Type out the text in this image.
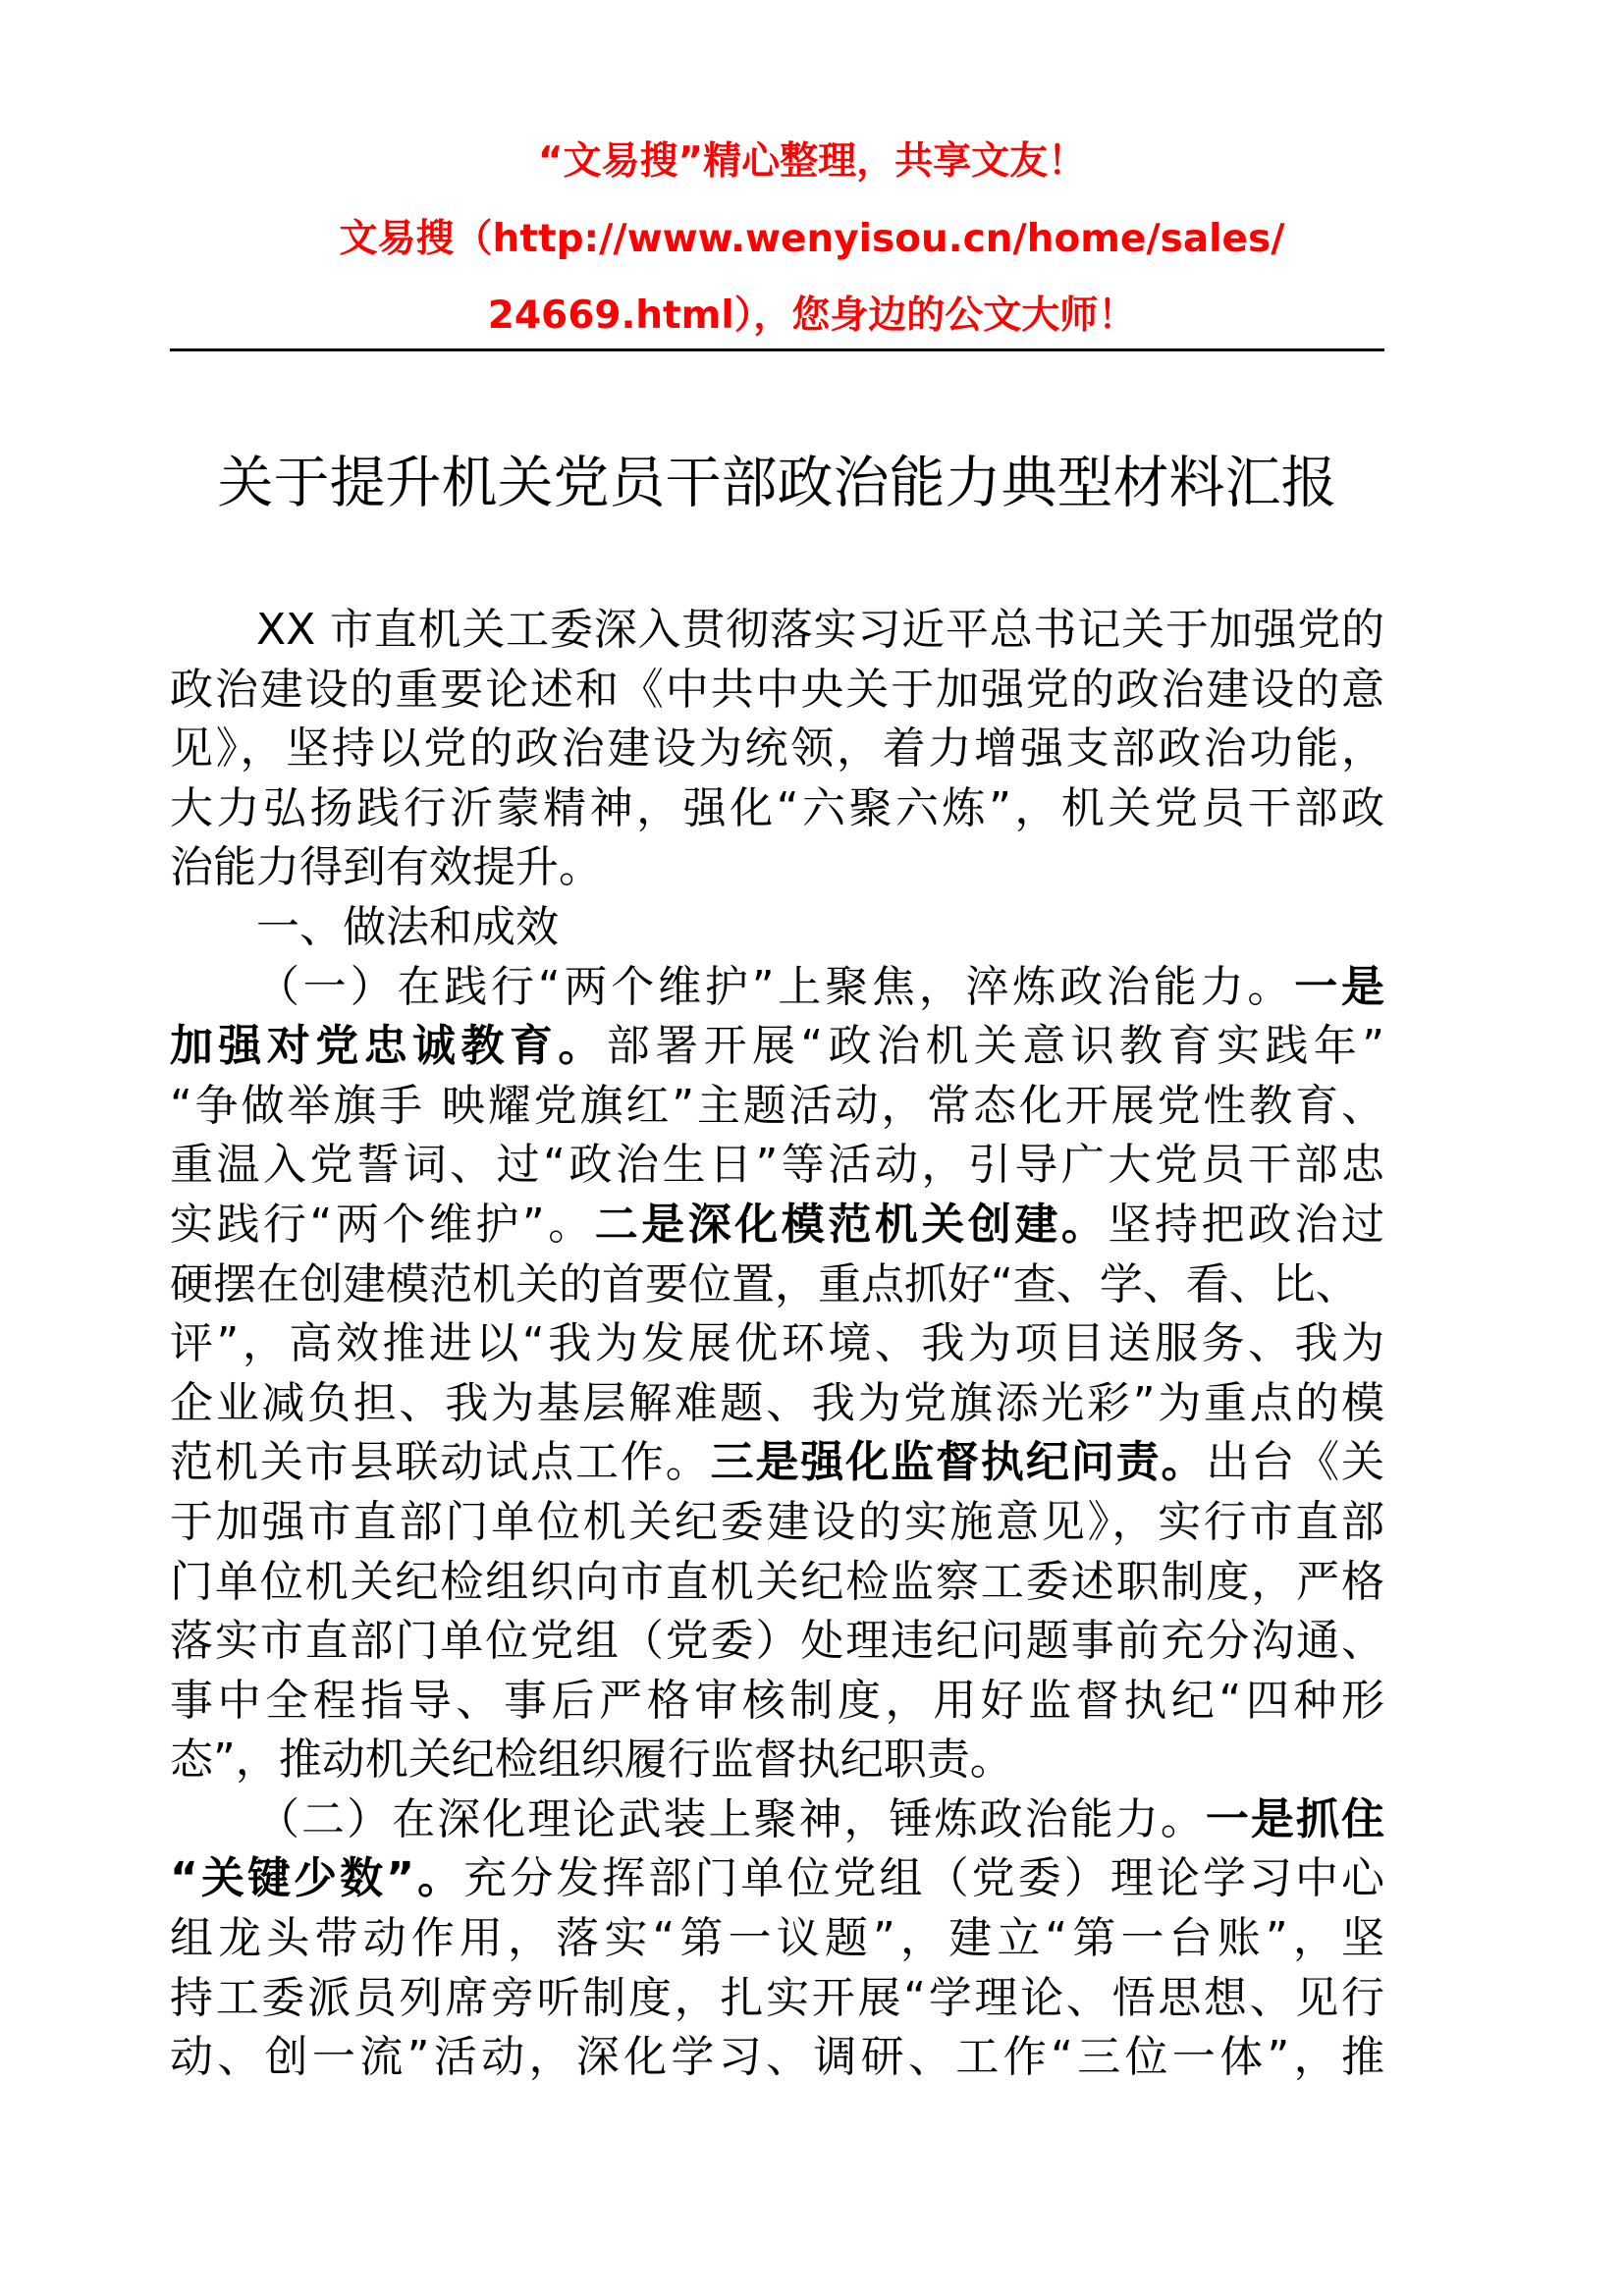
“文易搜”精心整理，共享文友！
文易搜（http://www.wenyisou.cn/home/sales/
24669.html），您身边的公文大师！
关于提升机关党员干部政治能力典型材料汇报
XX 市直机关工委深入贯彻落实习近平总书记关于加强党的
政治建设的重要论述和《中共中央关于加强党的政治建设的意
见》，坚持以党的政治建设为统领，着力增强支部政治功能，
大力弘扬践行沂蒙精神，强化“六聚六炼”，机关党员干部政
治能力得到有效提升。
一、做法和成效
（一）在践行“两个维护”上聚焦，淬炼政治能力。一是
加强对党忠诚教育。部署开展“政治机关意识教育实践年”
“争做举旗手 映耀党旗红”主题活动，常态化开展党性教育、
重温入党誓词、过“政治生日”等活动，引导广大党员干部忠
实践行“两个维护”。二是深化模范机关创建。坚持把政治过
硬摆在创建模范机关的首要位置，重点抓好“查、学、看、比、
评”，高效推进以“我为发展优环境、我为项目送服务、我为
企业减负担、我为基层解难题、我为党旗添光彩”为重点的模
范机关市县联动试点工作。三是强化监督执纪问责。出台《关
于加强市直部门单位机关纪委建设的实施意见》，实行市直部
门单位机关纪检组织向市直机关纪检监察工委述职制度，严格
落实市直部门单位党组（党委）处理违纪问题事前充分沟通、
事中全程指导、事后严格审核制度，用好监督执纪“四种形
态”，推动机关纪检组织履行监督执纪职责。
（二）在深化理论武装上聚神，锤炼政治能力。一是抓住
“关键少数”。充分发挥部门单位党组（党委）理论学习中心
组龙头带动作用，落实“第一议题”，建立“第一台账”，坚
持工委派员列席旁听制度，扎实开展“学理论、悟思想、见行
动、创一流”活动，深化学习、调研、工作“三位一体”，推
